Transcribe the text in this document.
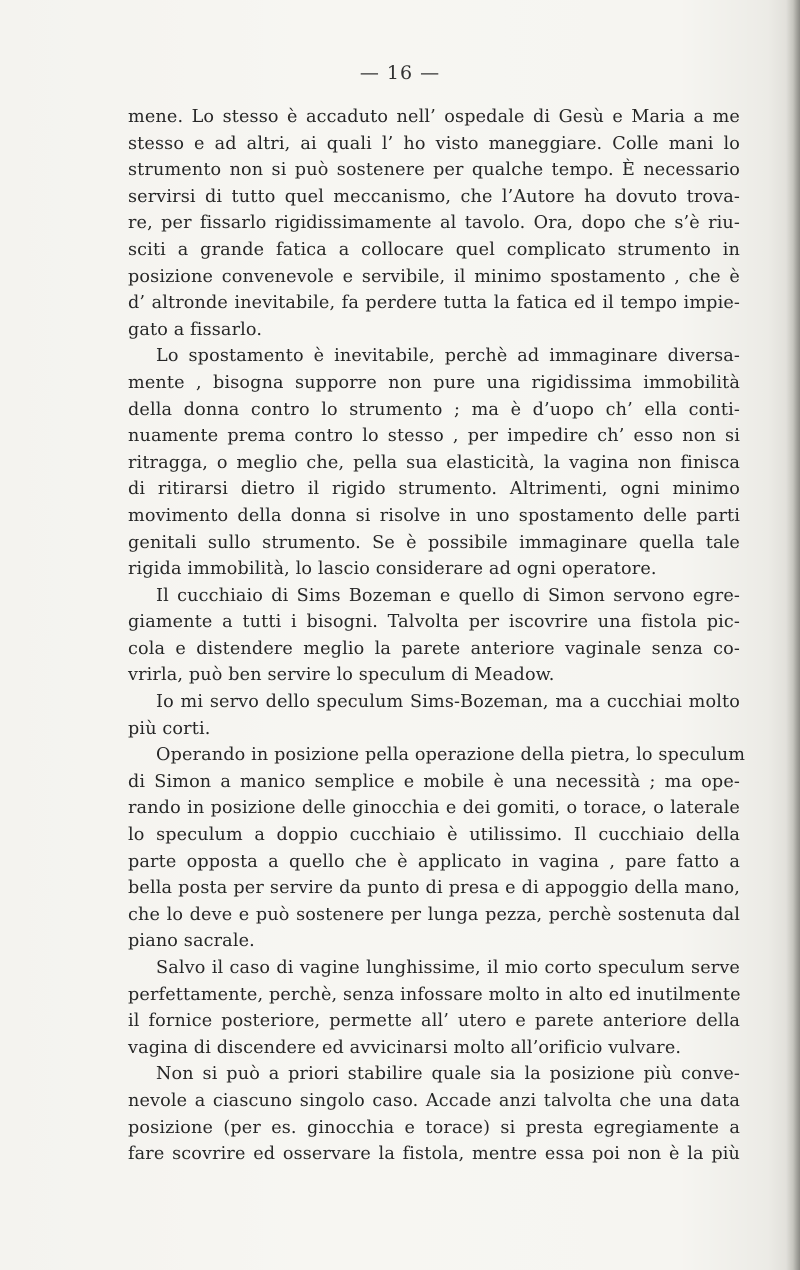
— 16 —
mene. Lo stesso è accaduto nell’ ospedale di Gesù e Maria a me
stesso e ad altri, ai quali l’ ho visto maneggiare. Colle mani lo
strumento non si può sostenere per qualche tempo. È necessario
servirsi di tutto quel meccanismo, che l’Autore ha dovuto trova-
re, per fissarlo rigidissimamente al tavolo. Ora, dopo che s’è riu-
sciti a grande fatica a collocare quel complicato strumento in
posizione convenevole e servibile, il minimo spostamento , che è
d’ altronde inevitabile, fa perdere tutta la fatica ed il tempo impie-
gato a fissarlo.
Lo spostamento è inevitabile, perchè ad immaginare diversa-
mente , bisogna supporre non pure una rigidissima immobilità
della donna contro lo strumento ; ma è d’uopo ch’ ella conti-
nuamente prema contro lo stesso , per impedire ch’ esso non si
ritragga, o meglio che, pella sua elasticità, la vagina non finisca
di ritirarsi dietro il rigido strumento. Altrimenti, ogni minimo
movimento della donna si risolve in uno spostamento delle parti
genitali sullo strumento. Se è possibile immaginare quella tale
rigida immobilità, lo lascio considerare ad ogni operatore.
Il cucchiaio di Sims Bozeman e quello di Simon servono egre-
giamente a tutti i bisogni. Talvolta per iscovrire una fistola pic-
cola e distendere meglio la parete anteriore vaginale senza co-
vrirla, può ben servire lo speculum di Meadow.
Io mi servo dello speculum Sims-Bozeman, ma a cucchiai molto
più corti.
Operando in posizione pella operazione della pietra, lo speculum
di Simon a manico semplice e mobile è una necessità ; ma ope-
rando in posizione delle ginocchia e dei gomiti, o torace, o laterale
lo speculum a doppio cucchiaio è utilissimo. Il cucchiaio della
parte opposta a quello che è applicato in vagina , pare fatto a
bella posta per servire da punto di presa e di appoggio della mano,
che lo deve e può sostenere per lunga pezza, perchè sostenuta dal
piano sacrale.
Salvo il caso di vagine lunghissime, il mio corto speculum serve
perfettamente, perchè, senza infossare molto in alto ed inutilmente
il fornice posteriore, permette all’ utero e parete anteriore della
vagina di discendere ed avvicinarsi molto all’orificio vulvare.
Non si può a priori stabilire quale sia la posizione più conve-
nevole a ciascuno singolo caso. Accade anzi talvolta che una data
posizione (per es. ginocchia e torace) si presta egregiamente a
fare scovrire ed osservare la fistola, mentre essa poi non è la più
